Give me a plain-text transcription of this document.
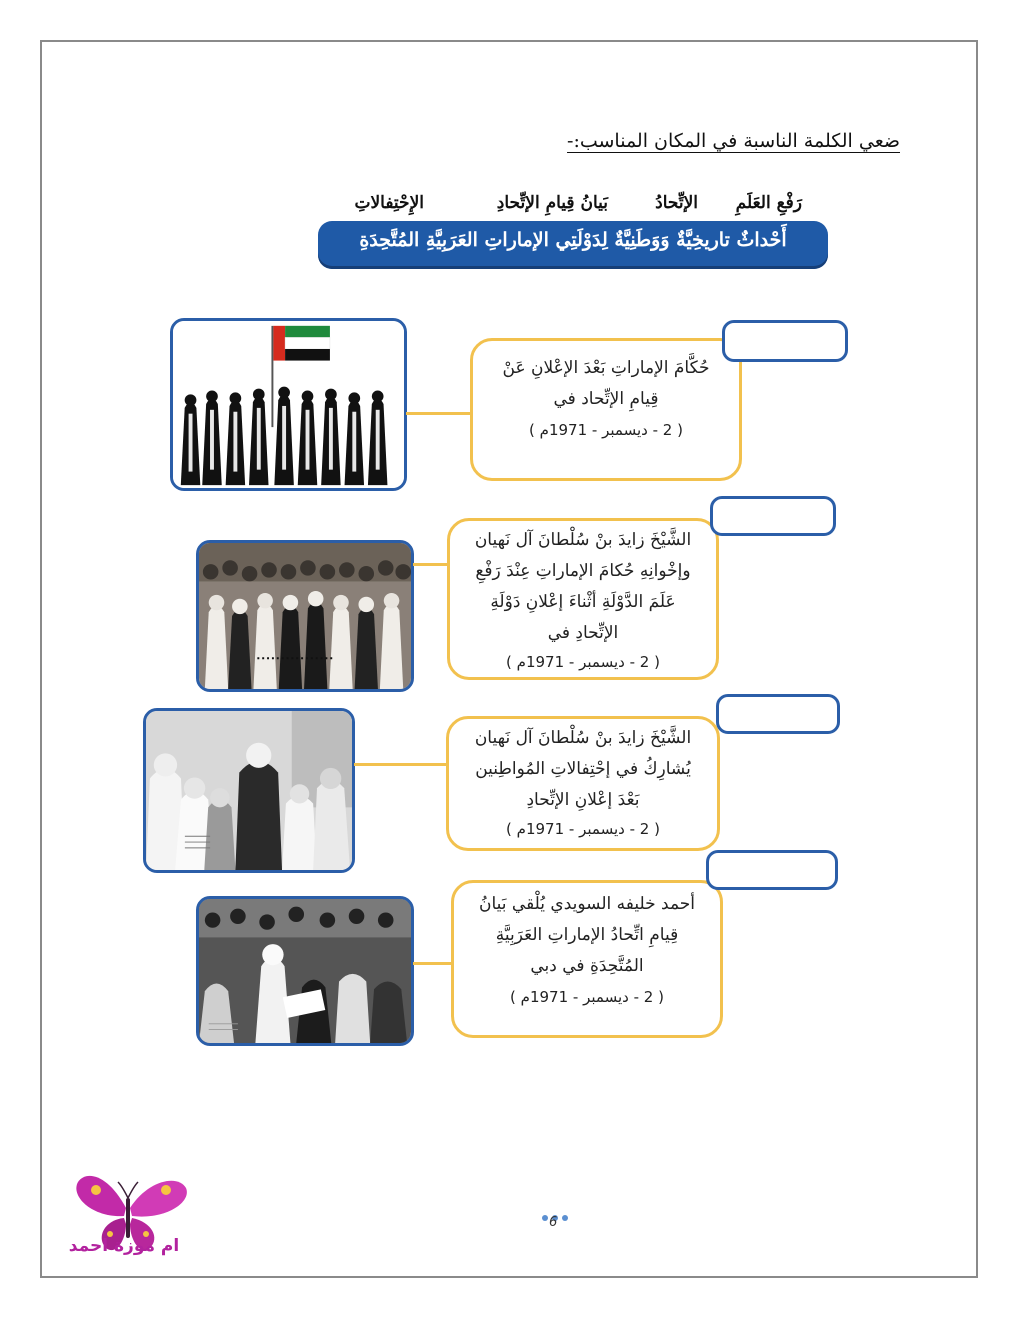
ضعي الكلمة الناسبة في المكان المناسب:-
رَفْعِ العَلَمِ
الإتِّحادُ
بَيانُ قِيامِ الإتِّحادِ
الإِحْتِفالاتِ
أَحْداثٌ تاريخِيَّةٌ وَوَطَنِيَّةٌ لِدَوْلَتِي الإماراتِ العَرَبِيَّةِ المُتَّحِدَةِ
حُكَّامَ الإماراتِ بَعْدَ الإعْلانِ عَنْ
قِيامِ الإتِّحاد في
( 2 - ديسمبر - 1971م )
الشَّيْخَ زايدَ بنْ سُلْطانَ آل نَهيان
وإخْوانِهِ حُكامَ الإماراتِ عِنْدَ رَفْعِ
عَلَمَ الدَّوْلَةِ أثْناءَ إعْلانِ دَوْلَةِ
الإتِّحادِ في
( 2 - ديسمبر - 1971م )
الشَّيْخَ زايدَ بنْ سُلْطانَ آل نَهيان
يُشارِكُ في إحْتِفالاتِ المُواطِنين
بَعْدَ إعْلانِ الإتِّحادِ
( 2 - ديسمبر - 1971م )
أحمد خليفه السويدي يُلْقي بَيانُ
قِيامِ اتِّحادُ الإماراتِ العَرَبِيَّةِ
المُتَّحِدَةِ في دبي
( 2 - ديسمبر - 1971م )
6
ام موزة احمد
